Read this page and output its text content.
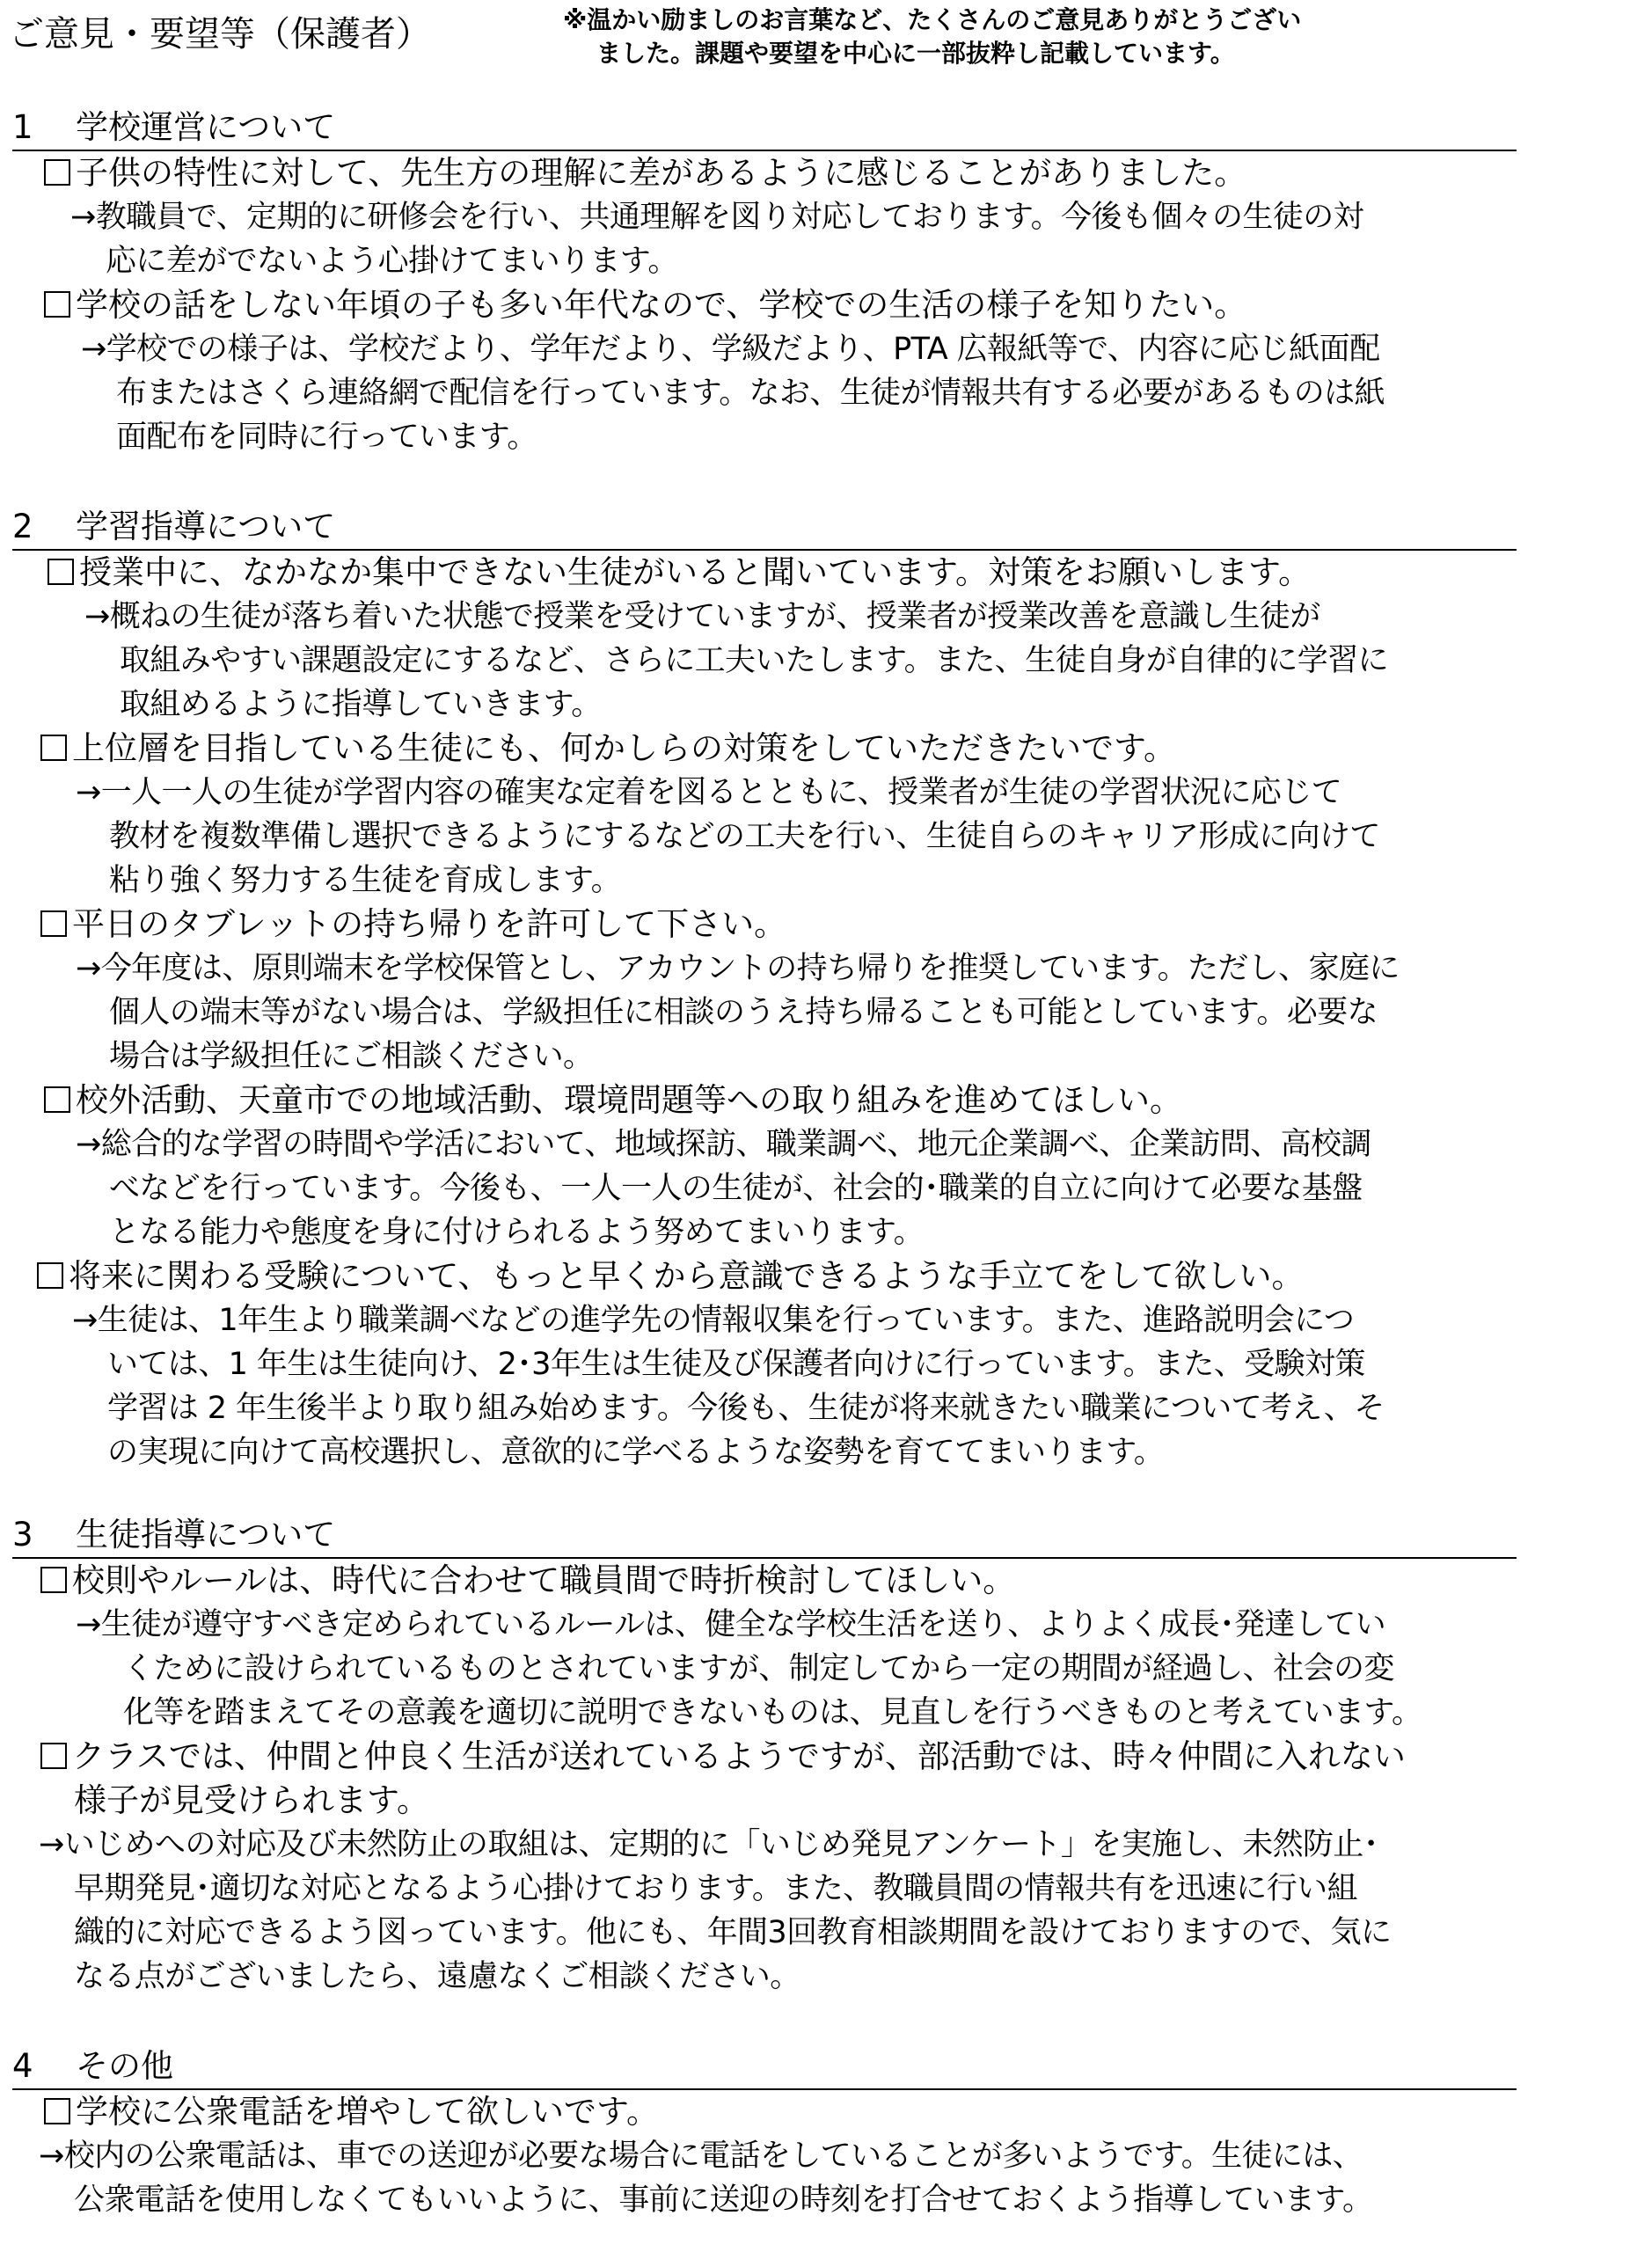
ご意見・要望等（保護者）	※温かい励ましのお言葉など、たくさんのご意見ありがとうござい
ました。課題や要望を中心に一部抜粋し記載しています。
1 学校運営について
子供の特性に対して、先生方の理解に差があるように感じることがありました。
→教職員で、定期的に研修会を行い、共通理解を図り対応しております。今後も個々の生徒の対
応に差がでないよう心掛けてまいります。
学校の話をしない年頃の子も多い年代なので、学校での生活の様子を知りたい。
→学校での様子は、学校だより、学年だより、学級だより、PTA 広報紙等で、内容に応じ紙面配
布またはさくら連絡網で配信を行っています。なお、生徒が情報共有する必要があるものは紙
面配布を同時に行っています。
2 学習指導について
授業中に、なかなか集中できない生徒がいると聞いています。対策をお願いします。
→概ねの生徒が落ち着いた状態で授業を受けていますが、授業者が授業改善を意識し生徒が
取組みやすい課題設定にするなど、さらに工夫いたします。また、生徒自身が自律的に学習に
取組めるように指導していきます。
上位層を目指している生徒にも、何かしらの対策をしていただきたいです。
→一人一人の生徒が学習内容の確実な定着を図るとともに、授業者が生徒の学習状況に応じて
教材を複数準備し選択できるようにするなどの工夫を行い、生徒自らのキャリア形成に向けて
粘り強く努力する生徒を育成します。
平日のタブレットの持ち帰りを許可して下さい。
→今年度は、原則端末を学校保管とし、アカウントの持ち帰りを推奨しています。ただし、家庭に
個人の端末等がない場合は、学級担任に相談のうえ持ち帰ることも可能としています。必要な
場合は学級担任にご相談ください。
校外活動、天童市での地域活動、環境問題等への取り組みを進めてほしい。
→総合的な学習の時間や学活において、地域探訪、職業調べ、地元企業調べ、企業訪問、高校調
べなどを行っています。今後も、一人一人の生徒が、社会的･職業的自立に向けて必要な基盤
となる能力や態度を身に付けられるよう努めてまいります。
将来に関わる受験について、もっと早くから意識できるような手立てをして欲しい。
→生徒は、1年生より職業調べなどの進学先の情報収集を行っています。また、進路説明会につ
いては、1 年生は生徒向け、2･3年生は生徒及び保護者向けに行っています。また、受験対策
学習は 2 年生後半より取り組み始めます。今後も、生徒が将来就きたい職業について考え、そ
の実現に向けて高校選択し、意欲的に学べるような姿勢を育ててまいります。
3 生徒指導について
校則やルールは、時代に合わせて職員間で時折検討してほしい。
→生徒が遵守すべき定められているルールは、健全な学校生活を送り、よりよく成長･発達してい
くために設けられているものとされていますが、制定してから一定の期間が経過し、社会の変
化等を踏まえてその意義を適切に説明できないものは、見直しを行うべきものと考えています。
クラスでは、仲間と仲良く生活が送れているようですが、部活動では、時々仲間に入れない
様子が見受けられます。
→いじめへの対応及び未然防止の取組は、定期的に「いじめ発見アンケート」を実施し、未然防止･
早期発見･適切な対応となるよう心掛けております。また、教職員間の情報共有を迅速に行い組
織的に対応できるよう図っています。他にも、年間3回教育相談期間を設けておりますので、気に
なる点がございましたら、遠慮なくご相談ください。
4 その他
学校に公衆電話を増やして欲しいです。
→校内の公衆電話は、車での送迎が必要な場合に電話をしていることが多いようです。生徒には、
公衆電話を使用しなくてもいいように、事前に送迎の時刻を打合せておくよう指導しています。
